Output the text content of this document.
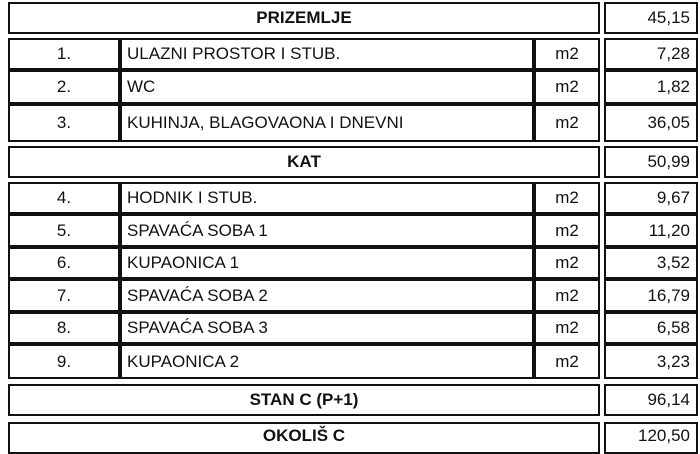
PRIZEMLJE	45,15
1.	ULAZNI PROSTOR I STUB.	m2	7,28
2.	WC	m2	1,82
3.	KUHINJA, BLAGOVAONA I DNEVNI	m2	36,05
KAT	50,99
4.	HODNIK I STUB.	m2	9,67
5.	SPAVAĆA SOBA 1	m2	11,20
6.	KUPAONICA 1	m2	3,52
7.	SPAVAĆA SOBA 2	m2	16,79
8.	SPAVAĆA SOBA 3	m2	6,58
9.	KUPAONICA 2	m2	3,23
STAN C (P+1)	96,14
OKOLIŠ C	120,50
